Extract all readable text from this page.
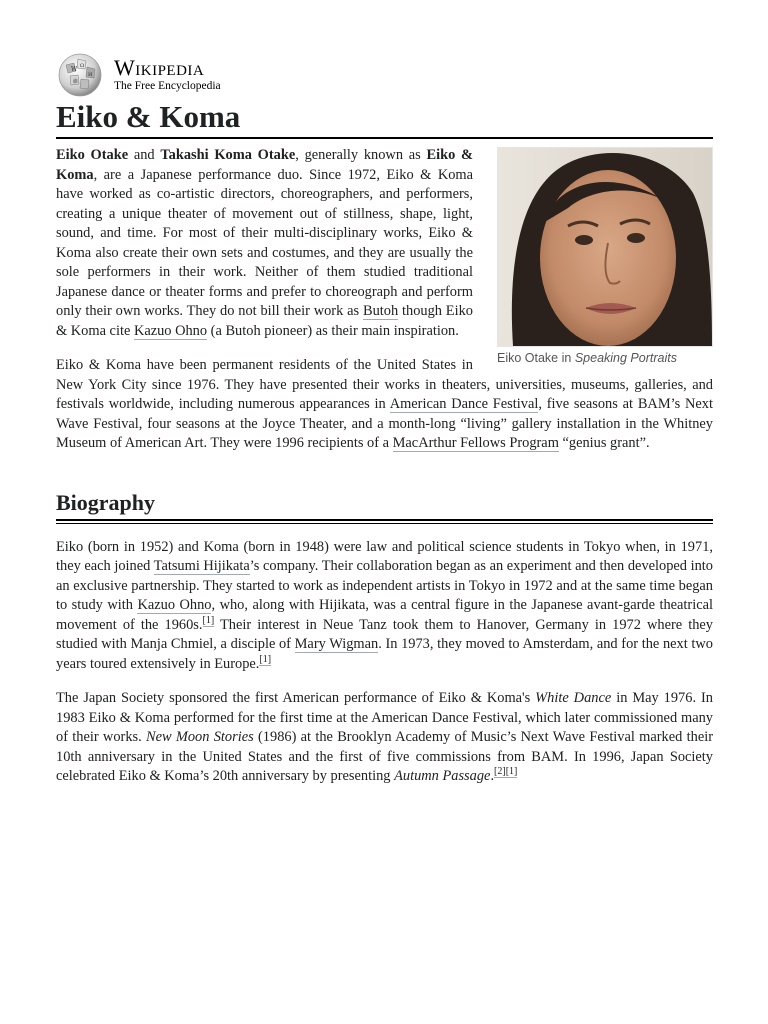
W Ω
И
維
Wikipedia
The Free Encyclopedia
Eiko & Koma
Eiko Otake in Speaking Portraits

Eiko Otake and Takashi Koma Otake, generally known as Eiko & Koma, are a Japanese performance duo. Since 1972, Eiko & Koma have worked as co-artistic directors, choreographers, and performers, creating a unique theater of movement out of stillness, shape, light, sound, and time. For most of their multi-disciplinary works, Eiko & Koma also create their own sets and costumes, and they are usually the sole performers in their work. Neither of them studied traditional Japanese dance or theater forms and prefer to choreograph and perform only their own works. They do not bill their work as Butoh though Eiko & Koma cite Kazuo Ohno (a Butoh pioneer) as their main inspiration.

Eiko & Koma have been permanent residents of the United States in New York City since 1976. They have presented their works in theaters, universities, museums, galleries, and festivals worldwide, including numerous appearances in American Dance Festival, five seasons at BAM’s Next Wave Festival, four seasons at the Joyce Theater, and a month-long “living” gallery installation in the Whitney Museum of American Art. They were 1996 recipients of a MacArthur Fellows Program “genius grant”.

Biography

Eiko (born in 1952) and Koma (born in 1948) were law and political science students in Tokyo when, in 1971, they each joined Tatsumi Hijikata’s company. Their collaboration began as an experiment and then developed into an exclusive partnership. They started to work as independent artists in Tokyo in 1972 and at the same time began to study with Kazuo Ohno, who, along with Hijikata, was a central figure in the Japanese avant-garde theatrical movement of the 1960s.[1] Their interest in Neue Tanz took them to Hanover, Germany in 1972 where they studied with Manja Chmiel, a disciple of Mary Wigman. In 1973, they moved to Amsterdam, and for the next two years toured extensively in Europe.[1]

The Japan Society sponsored the first American performance of Eiko & Koma's White Dance in May 1976. In 1983 Eiko & Koma performed for the first time at the American Dance Festival, which later commissioned many of their works. New Moon Stories (1986) at the Brooklyn Academy of Music’s Next Wave Festival marked their 10th anniversary in the United States and the first of five commissions from BAM. In 1996, Japan Society celebrated Eiko & Koma’s 20th anniversary by presenting Autumn Passage.[2][1]
